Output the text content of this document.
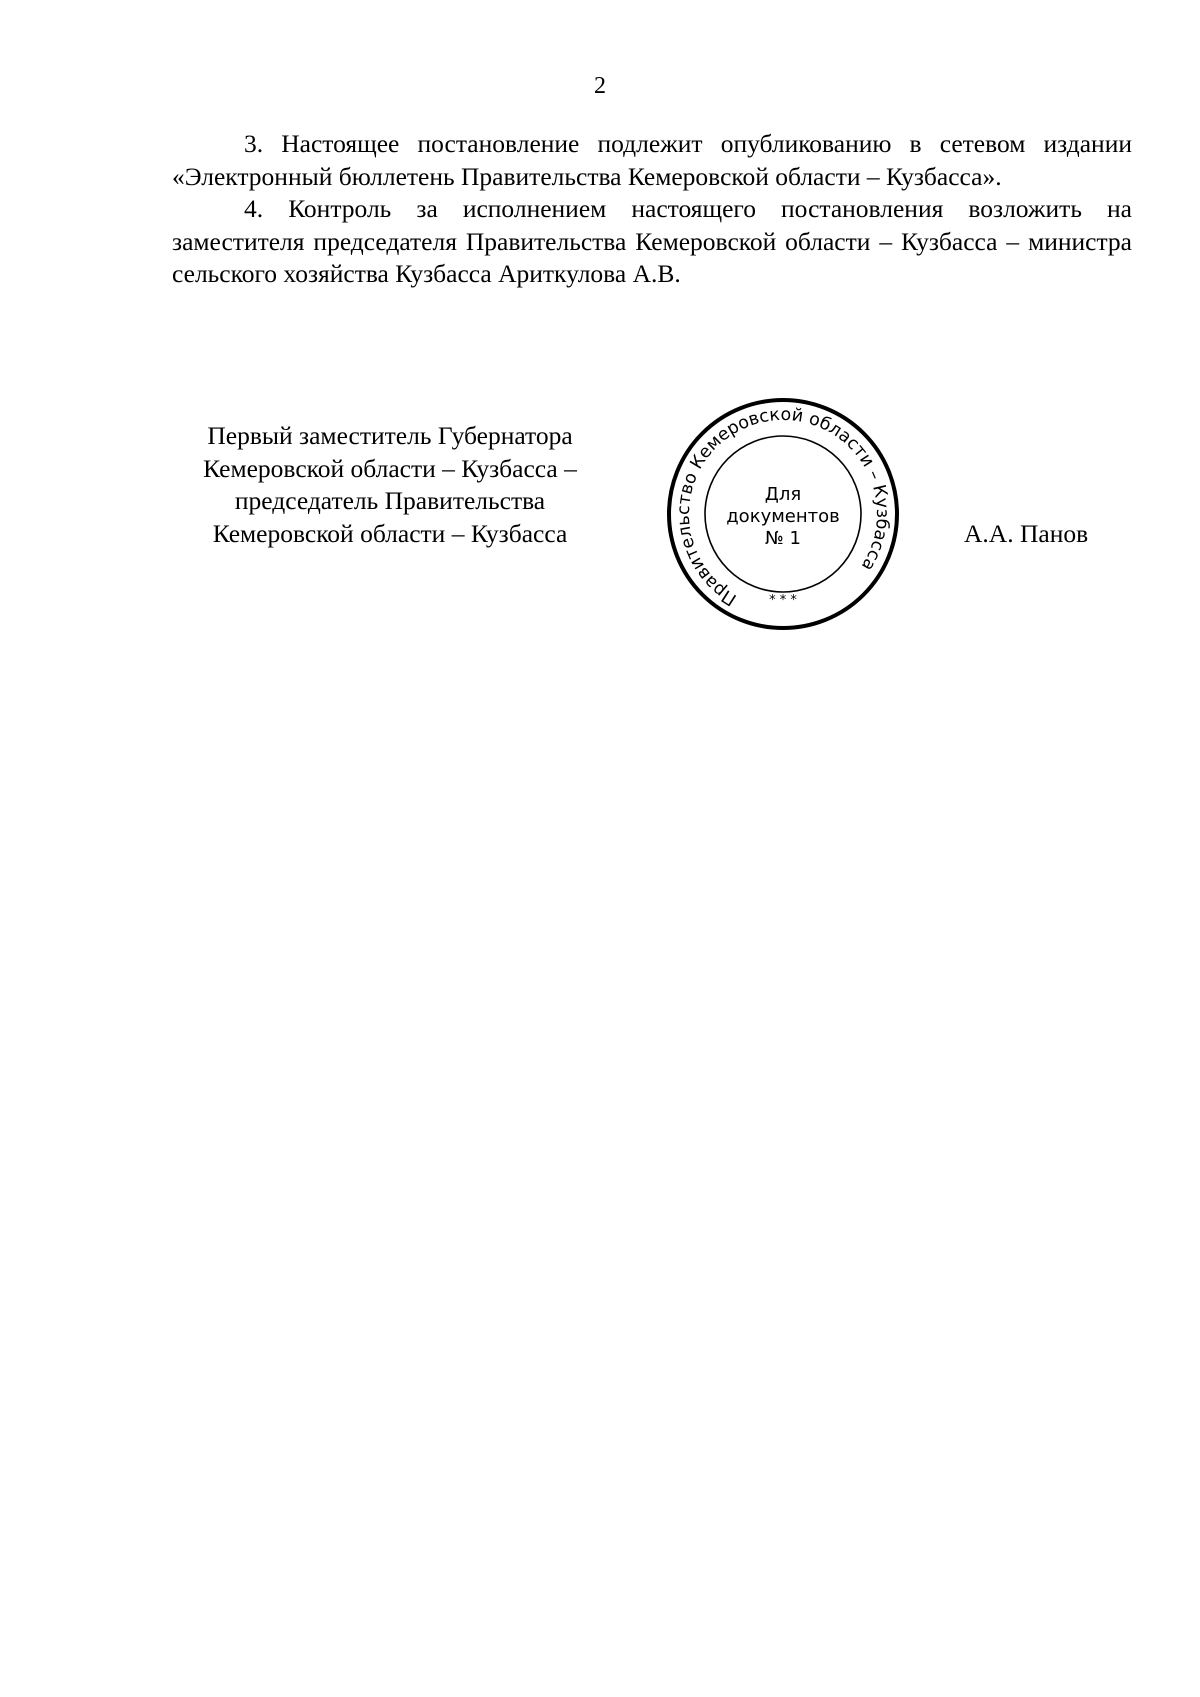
2

3. Настоящее постановление подлежит опубликованию в сетевом издании «Электронный бюллетень Правительства Кемеровской области – Кузбасса».

4. Контроль за исполнением настоящего постановления возложить на заместителя председателя Правительства Кемеровской области – Кузбасса – министра сельского хозяйства Кузбасса Ариткулова А.В.

Первый заместитель Губернатора
Кемеровской области – Кузбасса –
председатель Правительства
Кемеровской области – Кузбасса
Правительство Кемеровской области – Кузбасса
* * *
Для
документов
№ 1	А.А. Панов
